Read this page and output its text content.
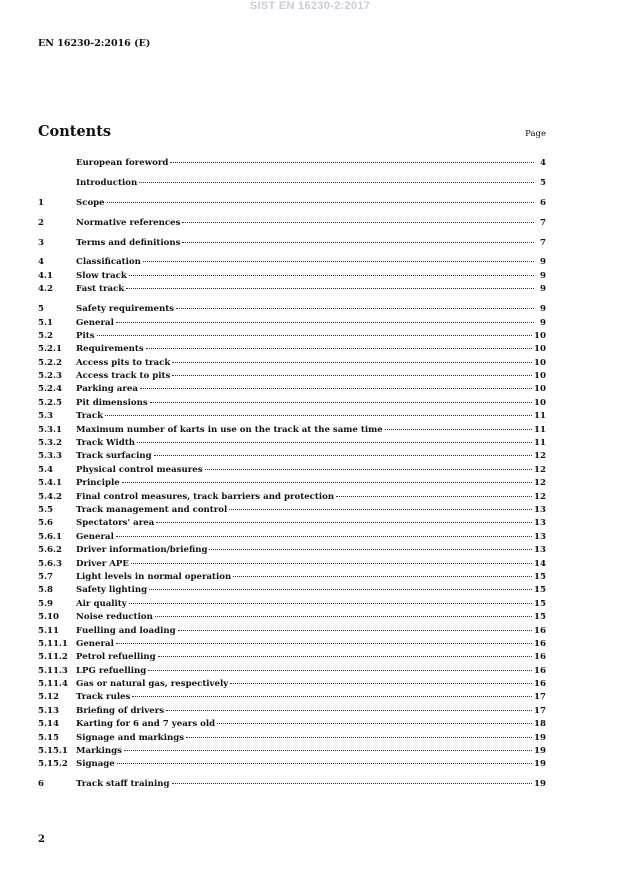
SIST EN 16230-2:2017
EN 16230-2:2016 (E)
Contents	Page
European foreword	4
Introduction	5
1	Scope	6
2	Normative references	7
3	Terms and definitions	7
4	Classification	9
4.1	Slow track	9
4.2	Fast track	9
5	Safety requirements	9
5.1	General	9
5.2	Pits	10
5.2.1	Requirements	10
5.2.2	Access pits to track	10
5.2.3	Access track to pits	10
5.2.4	Parking area	10
5.2.5	Pit dimensions	10
5.3	Track	11
5.3.1	Maximum number of karts in use on the track at the same time	11
5.3.2	Track Width	11
5.3.3	Track surfacing	12
5.4	Physical control measures	12
5.4.1	Principle	12
5.4.2	Final control measures, track barriers and protection	12
5.5	Track management and control	13
5.6	Spectators' area	13
5.6.1	General	13
5.6.2	Driver information/briefing	13
5.6.3	Driver APE	14
5.7	Light levels in normal operation	15
5.8	Safety lighting	15
5.9	Air quality	15
5.10	Noise reduction	15
5.11	Fuelling and loading	16
5.11.1 General	16
5.11.2 Petrol refuelling	16
5.11.3 LPG refuelling	16
5.11.4 Gas or natural gas, respectively	16
5.12	Track rules	17
5.13	Briefing of drivers	17
5.14	Karting for 6 and 7 years old	18
5.15	Signage and markings	19
5.15.1 Markings	19
5.15.2 Signage	19
6	Track staff training	19
2
